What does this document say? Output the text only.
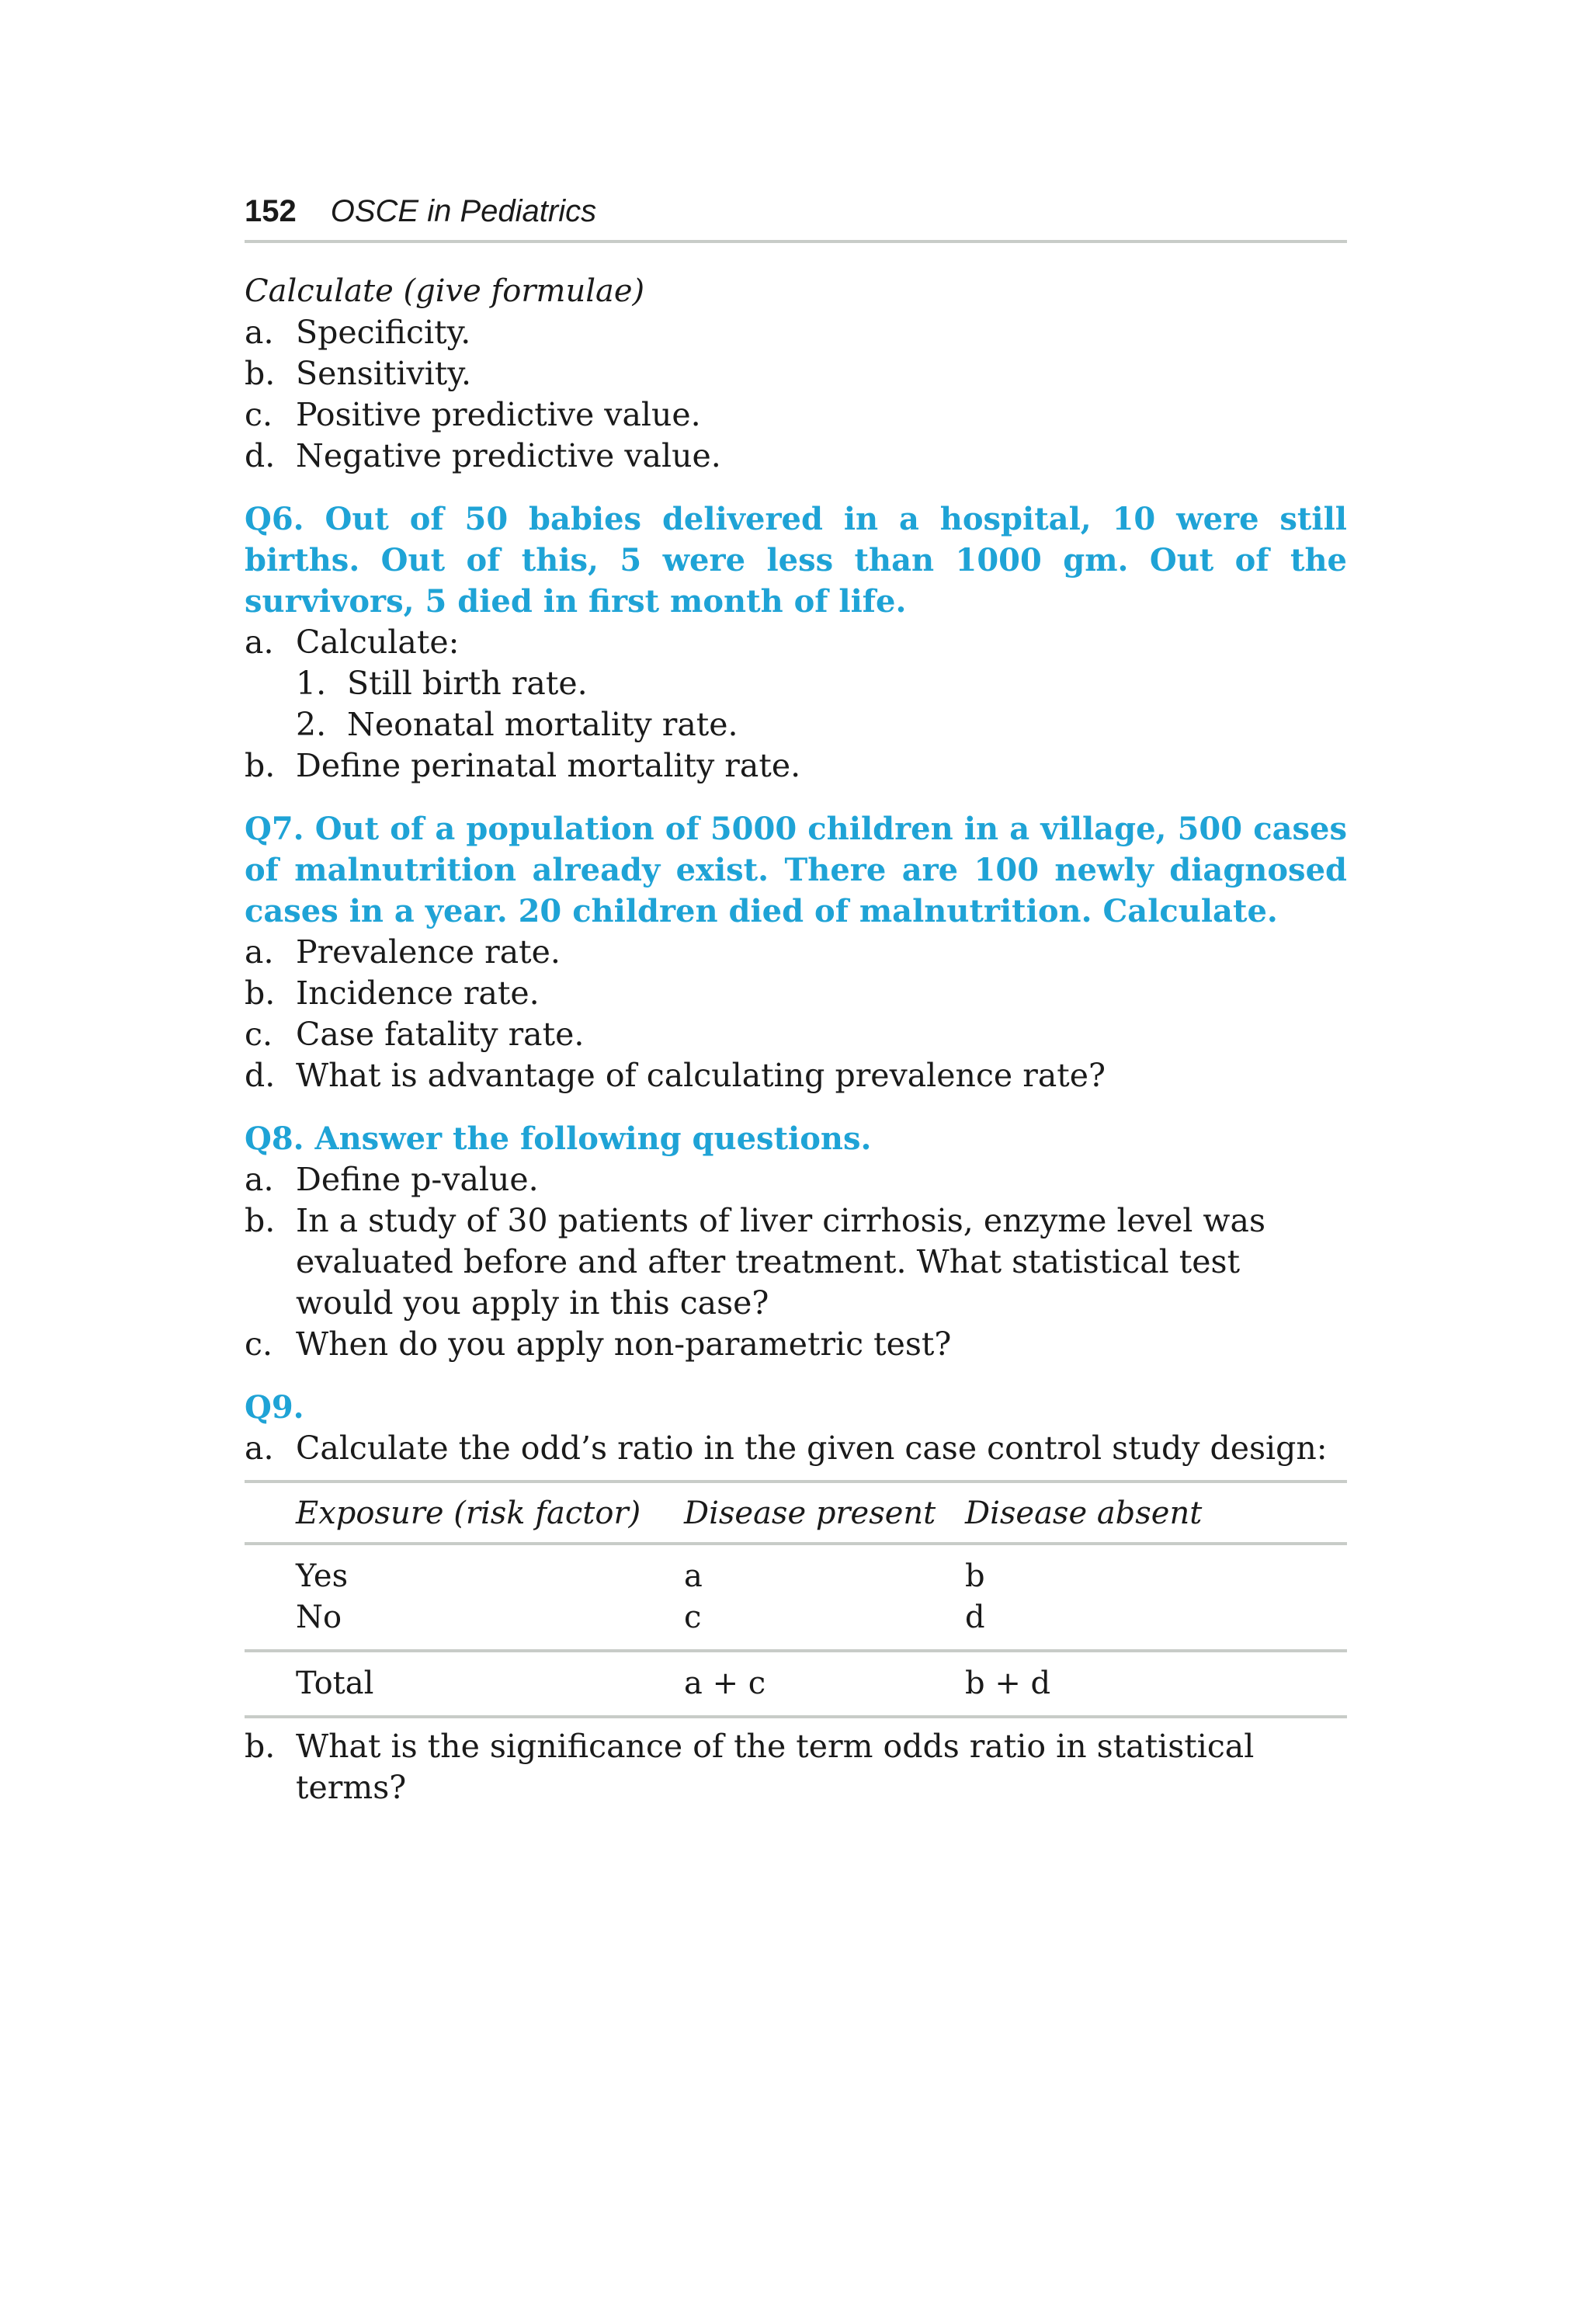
152 OSCE in Pediatrics
Calculate (give formulae)
a. Specificity.
b. Sensitivity.
c. Positive predictive value.
d. Negative predictive value.
Q6. Out of 50 babies delivered in a hospital, 10 were still births. Out of this, 5 were less than 1000 gm. Out of the survivors, 5 died in first month of life.
a. Calculate:
1. Still birth rate.
2. Neonatal mortality rate.
b. Define perinatal mortality rate.
Q7. Out of a population of 5000 children in a village, 500 cases of malnutrition already exist. There are 100 newly diagnosed cases in a year. 20 children died of malnutrition. Calculate.
a. Prevalence rate.
b. Incidence rate.
c. Case fatality rate.
d. What is advantage of calculating prevalence rate?
Q8. Answer the following questions.
a. Define p-value.
b. In a study of 30 patients of liver cirrhosis, enzyme level was evaluated before and after treatment. What statistical test would you apply in this case?
c. When do you apply non-parametric test?
Q9.
a. Calculate the odd’s ratio in the given case control study design:
Exposure (risk factor)	Disease present	Disease absent
Yes	a	b
No	c	d
Total	a + c	b + d
b. What is the significance of the term odds ratio in statistical terms?
